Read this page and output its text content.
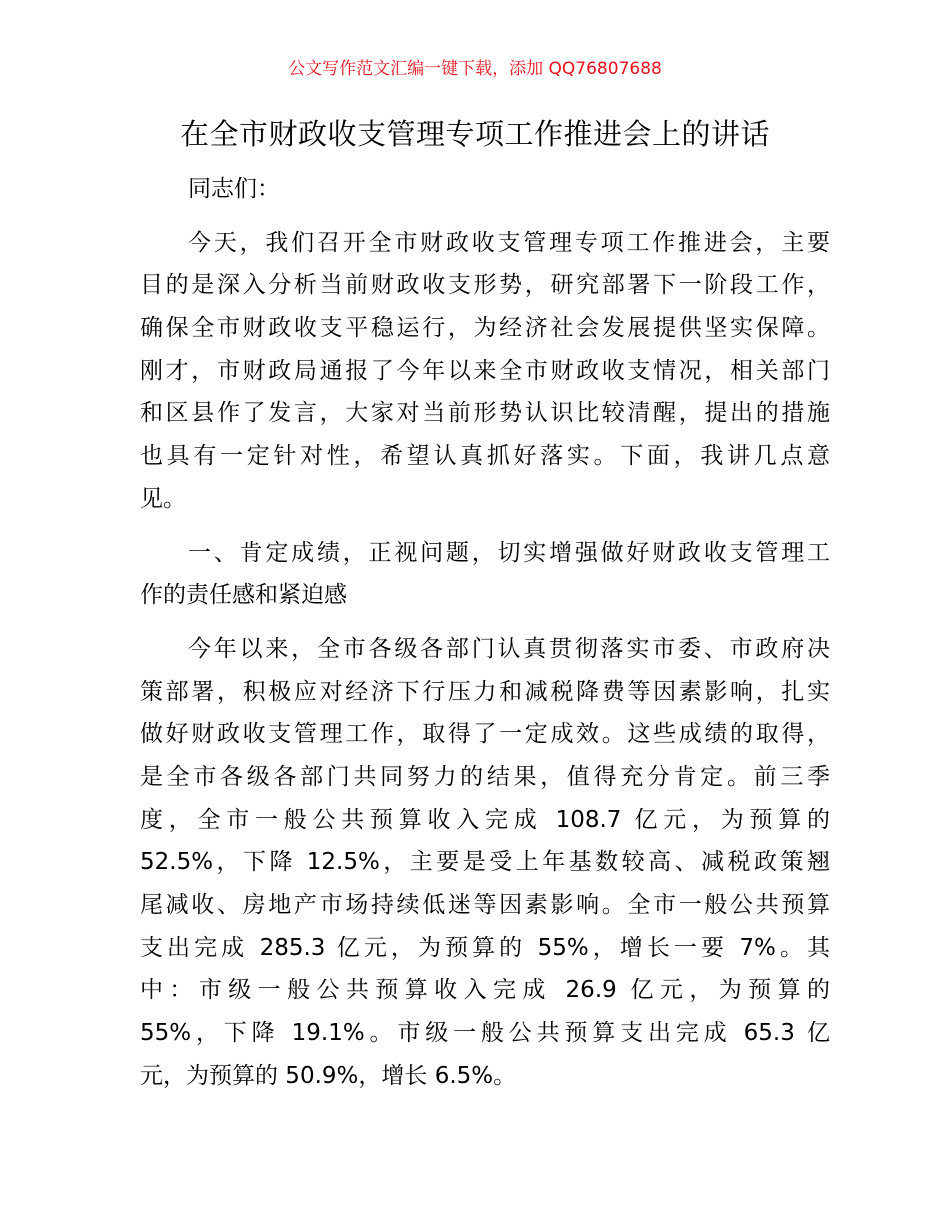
公文写作范文汇编一键下载，添加 QQ76807688
在全市财政收支管理专项工作推进会上的讲话
同志们：
今天，我们召开全市财政收支管理专项工作推进会，主要
目的是深入分析当前财政收支形势，研究部署下一阶段工作，
确保全市财政收支平稳运行，为经济社会发展提供坚实保障。
刚才，市财政局通报了今年以来全市财政收支情况，相关部门
和区县作了发言，大家对当前形势认识比较清醒，提出的措施
也具有一定针对性，希望认真抓好落实。下面，我讲几点意
见。
一、肯定成绩，正视问题，切实增强做好财政收支管理工
作的责任感和紧迫感
今年以来，全市各级各部门认真贯彻落实市委、市政府决
策部署，积极应对经济下行压力和减税降费等因素影响，扎实
做好财政收支管理工作，取得了一定成效。这些成绩的取得，
是全市各级各部门共同努力的结果，值得充分肯定。前三季
度，全市一般公共预算收入完成 108.7 亿元，为预算的
52.5%，下降 12.5%，主要是受上年基数较高、减税政策翘
尾减收、房地产市场持续低迷等因素影响。全市一般公共预算
支出完成 285.3 亿元，为预算的 55%，增长一要 7%。其
中：市级一般公共预算收入完成 26.9 亿元，为预算的
55%，下降 19.1%。市级一般公共预算支出完成 65.3 亿
元，为预算的 50.9%，增长 6.5%。
